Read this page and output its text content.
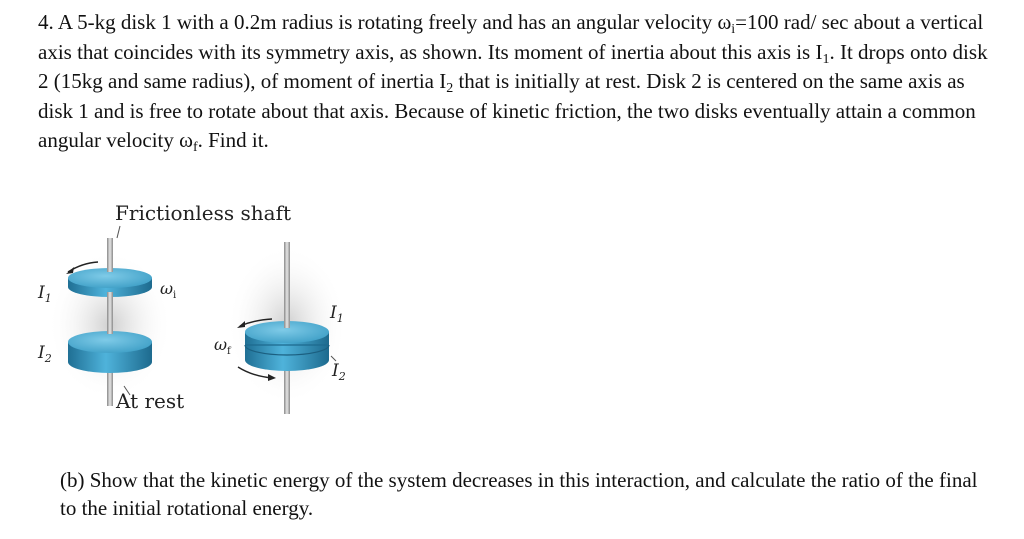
4. A 5-kg disk 1 with a 0.2m radius is rotating freely and has an angular velocity $\omega_i=100$ rad/ sec about a vertical axis that coincides with its symmetry axis, as shown. Its moment of inertia about this axis is $I_1$. It drops onto disk 2 (15kg and same radius), of moment of inertia $I_2$ that is initially at rest. Disk 2 is centered on the same axis as disk 1 and is free to rotate about that axis. Because of kinetic friction, the two disks eventually attain a common angular velocity $\omega_f$. Find it.

Frictionless shaft
$I_1$
$\omega_i$
$I_2$
At rest
$\omega_f$
$I_1$
$I_2$

(b) Show that the kinetic energy of the system decreases in this interaction, and calculate the ratio of the final to the initial rotational energy.
